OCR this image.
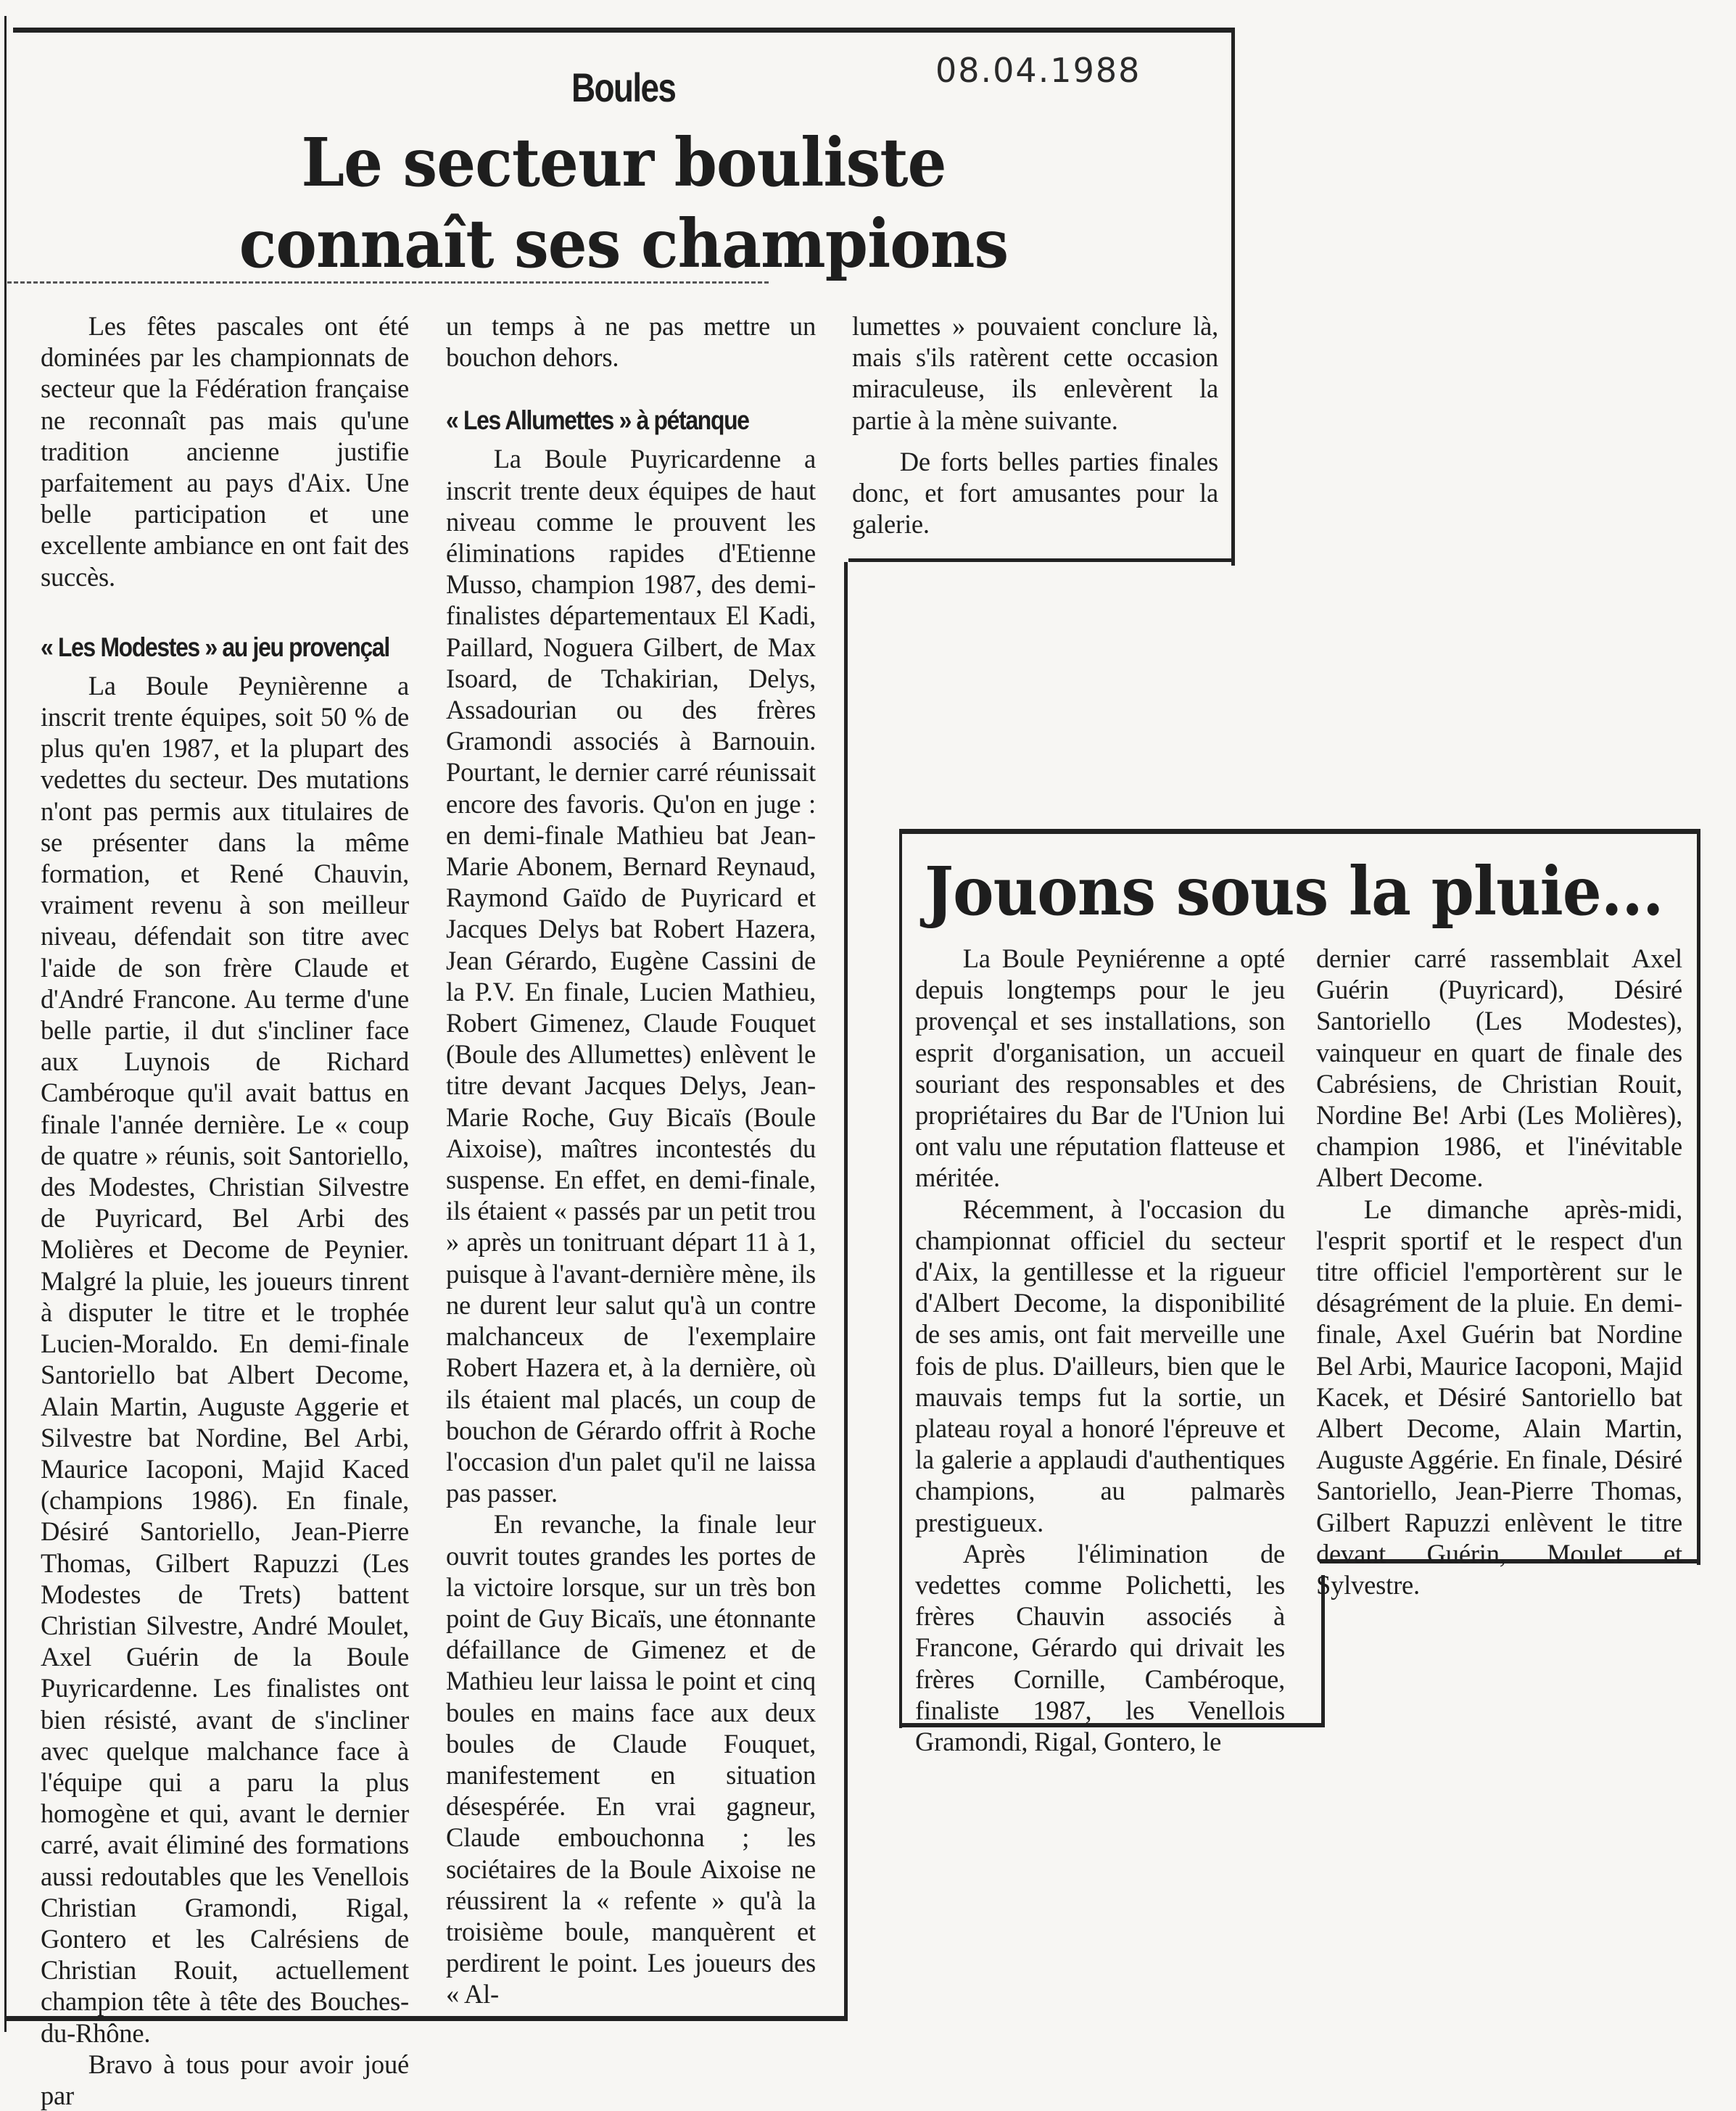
Boules	08.04.1988
Le secteur bouliste
connaît ses champions

Les fêtes pascales ont été dominées par les championnats de secteur que la Fédération française ne reconnaît pas mais qu'une tradition ancienne justifie parfaitement au pays d'Aix. Une belle participation et une excellente ambiance en ont fait des succès.

« Les Modestes » au jeu provençal

La Boule Peynièrenne a inscrit trente équipes, soit 50 % de plus qu'en 1987, et la plupart des vedettes du secteur. Des mutations n'ont pas permis aux titulaires de se présenter dans la même formation, et René Chauvin, vraiment revenu à son meilleur niveau, défendait son titre avec l'aide de son frère Claude et d'André Francone. Au terme d'une belle partie, il dut s'incliner face aux Luynois de Richard Cambéroque qu'il avait battus en finale l'année dernière. Le « coup de quatre » réunis, soit Santoriello, des Modestes, Christian Silvestre de Puyricard, Bel Arbi des Molières et Decome de Peynier. Malgré la pluie, les joueurs tinrent à disputer le titre et le trophée Lucien-Moraldo. En demi-finale Santoriello bat Albert Decome, Alain Martin, Auguste Aggerie et Silvestre bat Nordine, Bel Arbi, Maurice Iacoponi, Majid Kaced (champions 1986). En finale, Désiré Santoriello, Jean-Pierre Thomas, Gilbert Rapuzzi (Les Modestes de Trets) battent Christian Silvestre, André Moulet, Axel Guérin de la Boule Puyricardenne. Les finalistes ont bien résisté, avant de s'incliner avec quelque malchance face à l'équipe qui a paru la plus homogène et qui, avant le dernier carré, avait éliminé des formations aussi redoutables que les Venellois Christian Gramondi, Rigal, Gontero et les Calrésiens de Christian Rouit, actuellement champion tête à tête des Bouches-du-Rhône.

Bravo à tous pour avoir joué par

un temps à ne pas mettre un bouchon dehors.

« Les Allumettes » à pétanque

La Boule Puyricardenne a inscrit trente deux équipes de haut niveau comme le prouvent les éliminations rapides d'Etienne Musso, champion 1987, des demi-finalistes départementaux El Kadi, Paillard, Noguera Gilbert, de Max Isoard, de Tchakirian, Delys, Assadourian ou des frères Gramondi associés à Barnouin. Pourtant, le dernier carré réunissait encore des favoris. Qu'on en juge : en demi-finale Mathieu bat Jean-Marie Abonem, Bernard Reynaud, Raymond Gaïdo de Puyricard et Jacques Delys bat Robert Hazera, Jean Gérardo, Eugène Cassini de la P.V. En finale, Lucien Mathieu, Robert Gimenez, Claude Fouquet (Boule des Allumettes) enlèvent le titre devant Jacques Delys, Jean-Marie Roche, Guy Bicaïs (Boule Aixoise), maîtres incontestés du suspense. En effet, en demi-finale, ils étaient « passés par un petit trou » après un tonitruant départ 11 à 1, puisque à l'avant-dernière mène, ils ne durent leur salut qu'à un contre malchanceux de l'exemplaire Robert Hazera et, à la dernière, où ils étaient mal placés, un coup de bouchon de Gérardo offrit à Roche l'occasion d'un palet qu'il ne laissa pas passer.

En revanche, la finale leur ouvrit toutes grandes les portes de la victoire lorsque, sur un très bon point de Guy Bicaïs, une étonnante défaillance de Gimenez et de Mathieu leur laissa le point et cinq boules en mains face aux deux boules de Claude Fouquet, manifestement en situation désespérée. En vrai gagneur, Claude embouchonna ; les sociétaires de la Boule Aixoise ne réussirent la « refente » qu'à la troisième boule, manquèrent et perdirent le point. Les joueurs des « Al-

lumettes » pouvaient conclure là, mais s'ils ratèrent cette occasion miraculeuse, ils enlevèrent la partie à la mène suivante.

De forts belles parties finales donc, et fort amusantes pour la galerie.

Jouons sous la pluie...

La Boule Peyniérenne a opté depuis longtemps pour le jeu provençal et ses installations, son esprit d'organisation, un accueil souriant des responsables et des propriétaires du Bar de l'Union lui ont valu une réputation flatteuse et méritée.

Récemment, à l'occasion du championnat officiel du secteur d'Aix, la gentillesse et la rigueur d'Albert Decome, la disponibilité de ses amis, ont fait merveille une fois de plus. D'ailleurs, bien que le mauvais temps fut la sortie, un plateau royal a honoré l'épreuve et la galerie a applaudi d'authentiques champions, au palmarès prestigueux.

Après l'élimination de vedettes comme Polichetti, les frères Chauvin associés à Francone, Gérardo qui drivait les frères Cornille, Cambéroque, finaliste 1987, les Venellois Gramondi, Rigal, Gontero, le

dernier carré rassemblait Axel Guérin (Puyricard), Désiré Santoriello (Les Modestes), vainqueur en quart de finale des Cabrésiens, de Christian Rouit, Nordine Be! Arbi (Les Molières), champion 1986, et l'inévitable Albert Decome.

Le dimanche après-midi, l'esprit sportif et le respect d'un titre officiel l'emportèrent sur le désagrément de la pluie. En demi-finale, Axel Guérin bat Nordine Bel Arbi, Maurice Iacoponi, Majid Kacek, et Désiré Santoriello bat Albert Decome, Alain Martin, Auguste Aggérie. En finale, Désiré Santoriello, Jean-Pierre Thomas, Gilbert Rapuzzi enlèvent le titre devant Guérin, Moulet et Sylvestre.
